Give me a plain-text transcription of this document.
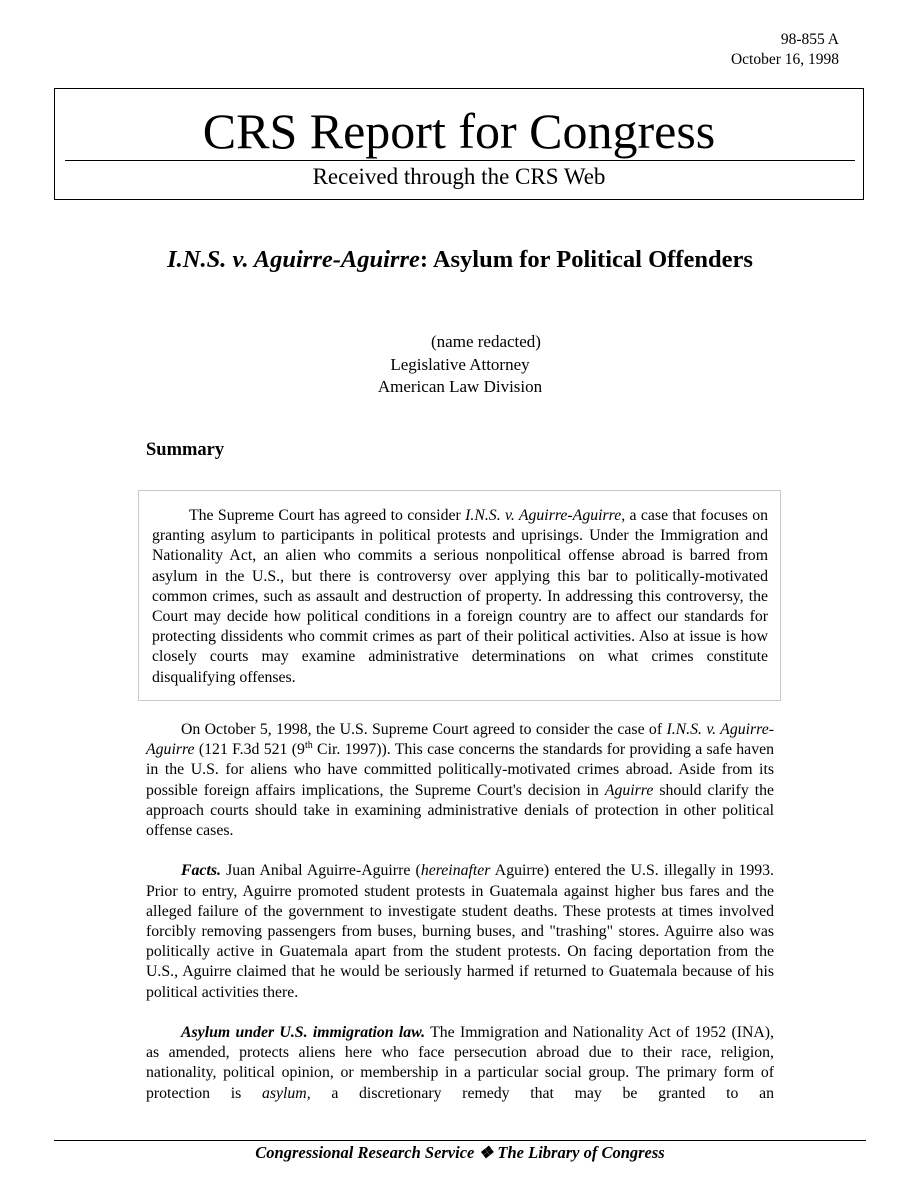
98-855 A
October 16, 1998
CRS Report for Congress
Received through the CRS Web
I.N.S. v. Aguirre-Aguirre: Asylum for Political Offenders
(name redacted)
Legislative Attorney
American Law Division
Summary

The Supreme Court has agreed to consider I.N.S. v. Aguirre-Aguirre, a case that focuses on granting asylum to participants in political protests and uprisings. Under the Immigration and Nationality Act, an alien who commits a serious nonpolitical offense abroad is barred from asylum in the U.S., but there is controversy over applying this bar to politically-motivated common crimes, such as assault and destruction of property. In addressing this controversy, the Court may decide how political conditions in a foreign country are to affect our standards for protecting dissidents who commit crimes as part of their political activities. Also at issue is how closely courts may examine administrative determinations on what crimes constitute disqualifying offenses.

On October 5, 1998, the U.S. Supreme Court agreed to consider the case of I.N.S. v. Aguirre-Aguirre (121 F.3d 521 (9th Cir. 1997)). This case concerns the standards for providing a safe haven in the U.S. for aliens who have committed politically-motivated crimes abroad. Aside from its possible foreign affairs implications, the Supreme Court's decision in Aguirre should clarify the approach courts should take in examining administrative denials of protection in other political offense cases.

Facts. Juan Anibal Aguirre-Aguirre (hereinafter Aguirre) entered the U.S. illegally in 1993. Prior to entry, Aguirre promoted student protests in Guatemala against higher bus fares and the alleged failure of the government to investigate student deaths. These protests at times involved forcibly removing passengers from buses, burning buses, and "trashing" stores. Aguirre also was politically active in Guatemala apart from the student protests. On facing deportation from the U.S., Aguirre claimed that he would be seriously harmed if returned to Guatemala because of his political activities there.

Asylum under U.S. immigration law. The Immigration and Nationality Act of 1952 (INA), as amended, protects aliens here who face persecution abroad due to their race, religion, nationality, political opinion, or membership in a particular social group. The primary form of protection is asylum, a discretionary remedy that may be granted to an

Congressional Research Service ❖ The Library of Congress
